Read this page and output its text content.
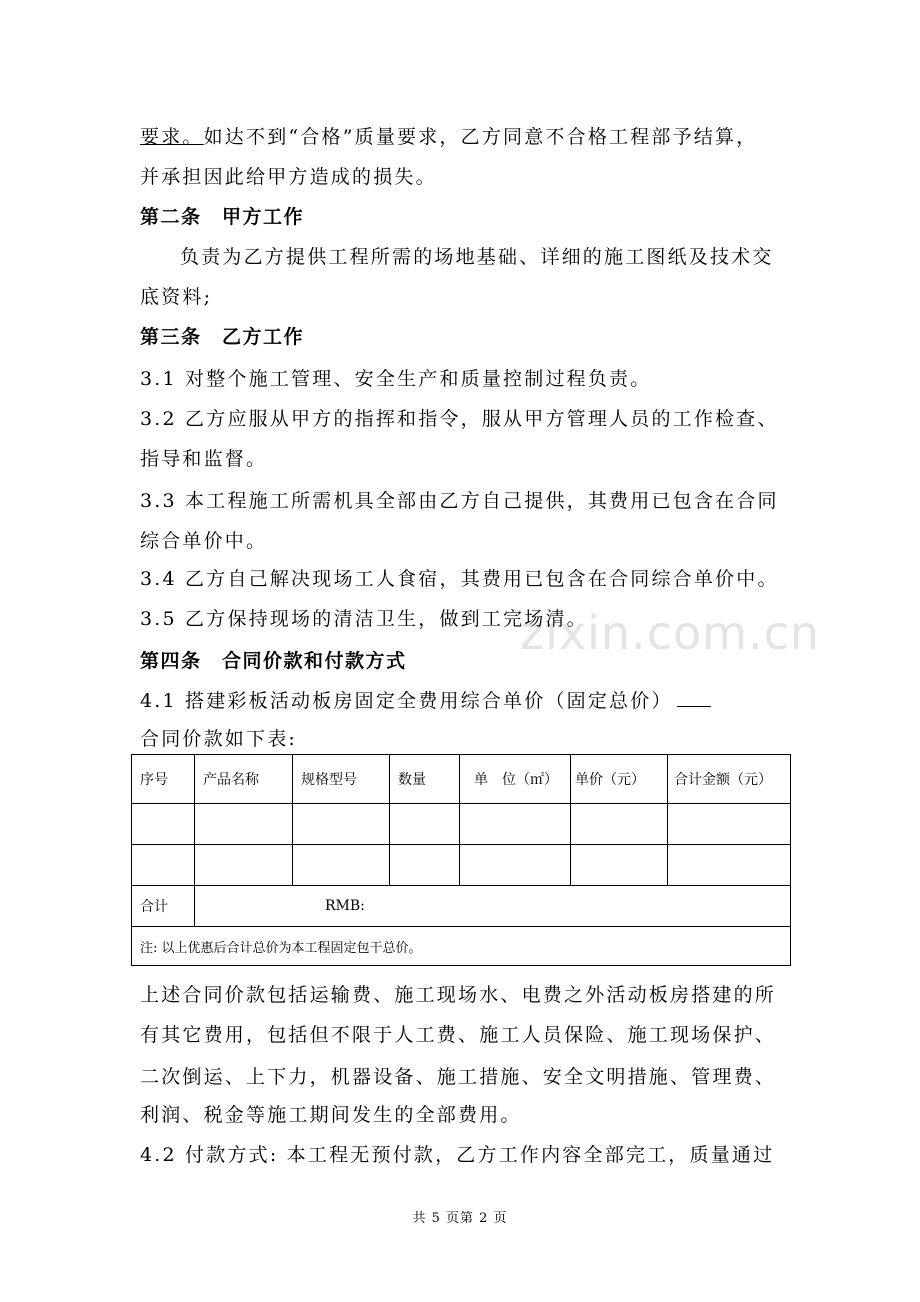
zixin.com.cn
要求。如达不到“合格”质量要求，乙方同意不合格工程部予结算，
并承担因此给甲方造成的损失。
第二条　甲方工作
负责为乙方提供工程所需的场地基础、详细的施工图纸及技术交
底资料;
第三条　乙方工作
3.1 对整个施工管理、安全生产和质量控制过程负责。
3.2 乙方应服从甲方的指挥和指令，服从甲方管理人员的工作检查、
指导和监督。
3.3 本工程施工所需机具全部由乙方自己提供，其费用已包含在合同
综合单价中。
3.4 乙方自己解决现场工人食宿，其费用已包含在合同综合单价中。
3.5 乙方保持现场的清洁卫生，做到工完场清。
第四条　合同价款和付款方式
4.1 搭建彩板活动板房固定全费用综合单价（固定总价）
合同价款如下表:
序号	产品名称	规格型号	数量	单　位（㎡）	单价（元）	合计金额（元）

合计	RMB:					
注: 以上优惠后合计总价为本工程固定包干总价。						
上述合同价款包括运输费、施工现场水、电费之外活动板房搭建的所
有其它费用，包括但不限于人工费、施工人员保险、施工现场保护、
二次倒运、上下力，机器设备、施工措施、安全文明措施、管理费、
利润、税金等施工期间发生的全部费用。
4.2 付款方式: 本工程无预付款，乙方工作内容全部完工，质量通过
共 5 页第 2 页
